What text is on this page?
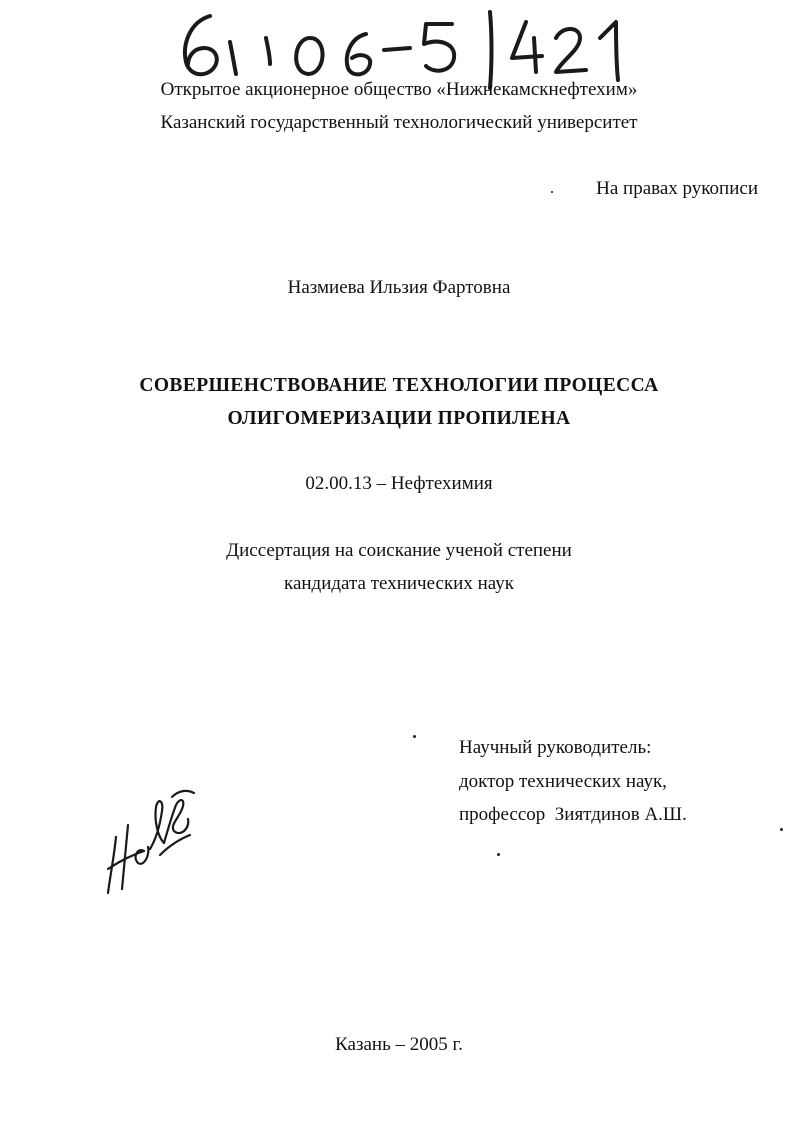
61:06-5/421
Открытое акционерное общество «Нижнекамскнефтехим»
Казанский государственный технологический университет
На правах рукописи
Назмиева Ильзия Фартовна
СОВЕРШЕНСТВОВАНИЕ ТЕХНОЛОГИИ ПРОЦЕССА
ОЛИГОМЕРИЗАЦИИ ПРОПИЛЕНА
02.00.13 – Нефтехимия
Диссертация на соискание ученой степени
кандидата технических наук
Научный руководитель:
доктор технических наук,
профессор  Зиятдинов А.Ш.
Казань – 2005 г.
